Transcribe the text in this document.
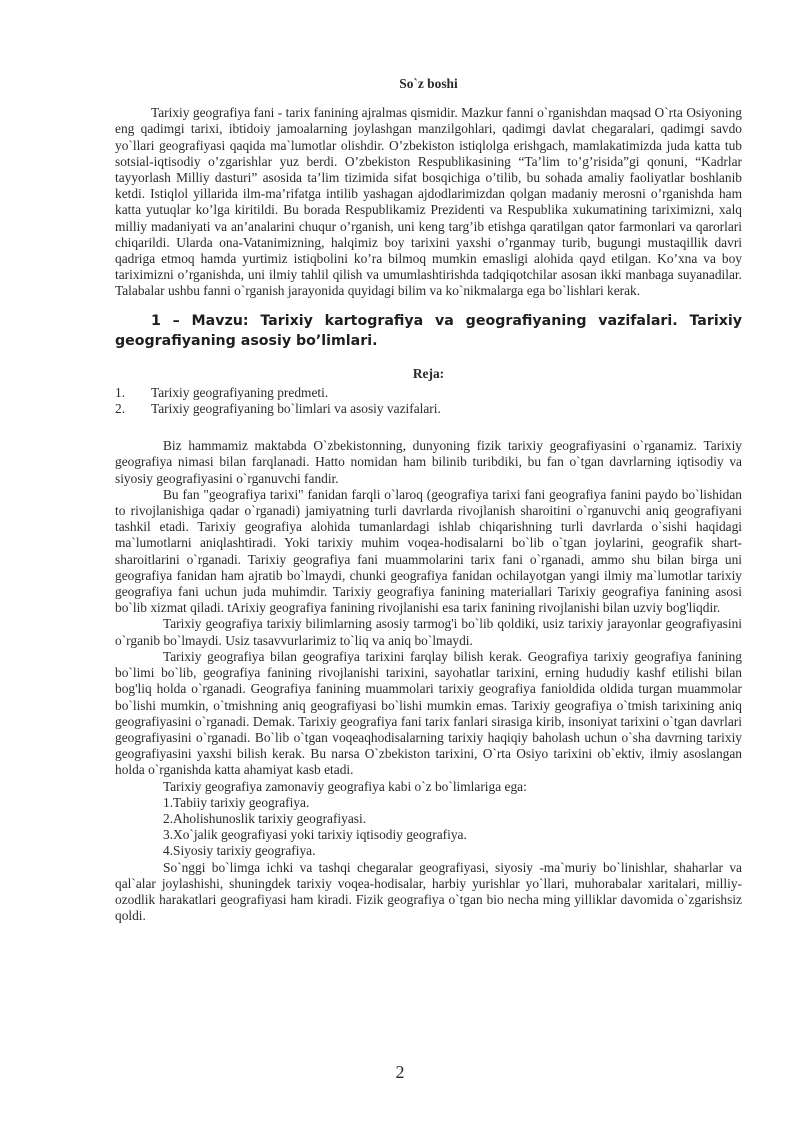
So`z boshi

Tarixiy geografiya fani - tarix fanining ajralmas qismidir. Mazkur fanni o`rganishdan maqsad O`rta Osiyoning eng qadimgi tarixi, ibtidoiy jamoalarning joylashgan manzilgohlari, qadimgi davlat chegaralari, qadimgi savdo yo`llari geografiyasi qaqida ma`lumotlar olishdir. O’zbekiston istiqlolga erishgach, mamlakatimizda juda katta tub sotsial-iqtisodiy o’zgarishlar yuz berdi. O’zbekiston Respublikasining “Ta’lim to’g’risida”gi qonuni, “Kadrlar tayyorlash Milliy dasturi” asosida ta’lim tizimida sifat bosqichiga o’tilib, bu sohada amaliy faoliyatlar boshlanib ketdi. Istiqlol yillarida ilm-ma’rifatga intilib yashagan ajdodlarimizdan qolgan madaniy merosni o’rganishda ham katta yutuqlar ko’lga kiritildi. Bu borada Respublikamiz Prezidenti va Respublika xukumatining tariximizni, xalq milliy madaniyati va an’analarini chuqur o’rganish, uni keng targ’ib etishga qaratilgan qator farmonlari va qarorlari chiqarildi. Ularda ona-Vatanimizning, halqimiz boy tarixini yaxshi o’rganmay turib, bugungi mustaqillik davri qadriga etmoq hamda yurtimiz istiqbolini ko’ra bilmoq mumkin emasligi alohida qayd etilgan. Ko’xna va boy tariximizni o’rganishda, uni ilmiy tahlil qilish va umumlashtirishda tadqiqotchilar asosan ikki manbaga suyanadilar. Talabalar ushbu fanni o`rganish jarayonida quyidagi bilim va ko`nikmalarga ega bo`lishlari kerak.

1 – Mavzu: Tarixiy kartografiya va geografiyaning vazifalari. Tarixiy geografiyaning asosiy bo’limlari.
Reja:
1.	Tarixiy geografiyaning predmeti.
2.	Tarixiy geografiyaning bo`limlari va asosiy vazifalari.

Biz hammamiz maktabda O`zbekistonning, dunyoning fizik tarixiy geografiyasini o`rganamiz. Tarixiy geografiya nimasi bilan farqlanadi. Hatto nomidan ham bilinib turibdiki, bu fan o`tgan davrlarning iqtisodiy va siyosiy geografiyasini o`rganuvchi fandir.

Bu fan "geografiya tarixi" fanidan farqli o`laroq (geografiya tarixi fani geografiya fanini paydo bo`lishidan to rivojlanishiga qadar o`rganadi) jamiyatning turli davrlarda rivojlanish sharoitini o`rganuvchi aniq geografiyani tashkil etadi. Tarixiy geografiya alohida tumanlardagi ishlab chiqarishning turli davrlarda o`sishi haqidagi ma`lumotlarni aniqlashtiradi. Yoki tarixiy muhim voqea-hodisalarni bo`lib o`tgan joylarini, geografik shart-sharoitlarini o`rganadi. Tarixiy geografiya fani muammolarini tarix fani o`rganadi, ammo shu bilan birga uni geografiya fanidan ham ajratib bo`lmaydi, chunki geografiya fanidan ochilayotgan yangi ilmiy ma`lumotlar tarixiy geografiya fani uchun juda muhimdir. Tarixiy geografiya fanining materiallari Tarixiy geografiya fanining asosi bo`lib xizmat qiladi. tArixiy geografiya fanining rivojlanishi esa tarix fanining rivojlanishi bilan uzviy bog'liqdir.

Tarixiy geografiya tarixiy bilimlarning asosiy tarmog'i bo`lib qoldiki, usiz tarixiy jarayonlar geografiyasini o`rganib bo`lmaydi. Usiz tasavvurlarimiz to`liq va aniq bo`lmaydi.

Tarixiy geografiya bilan geografiya tarixini farqlay bilish kerak. Geografiya tarixiy geografiya fanining bo`limi bo`lib, geografiya fanining rivojlanishi tarixini, sayohatlar tarixini, erning hududiy kashf etilishi bilan bog'liq holda o`rganadi. Geografiya fanining muammolari tarixiy geografiya fanioldida oldida turgan muammolar bo`lishi mumkin, o`tmishning aniq geografiyasi bo`lishi mumkin emas. Tarixiy geografiya o`tmish tarixining aniq geografiyasini o`rganadi. Demak. Tarixiy geografiya fani tarix fanlari sirasiga kirib, insoniyat tarixini o`tgan davrlari geografiyasini o`rganadi. Bo`lib o`tgan voqeaqhodisalarning tarixiy haqiqiy baholash uchun o`sha davrning tarixiy geografiyasini yaxshi bilish kerak. Bu narsa O`zbekiston tarixini, O`rta Osiyo tarixini ob`ektiv, ilmiy asoslangan holda o`rganishda katta ahamiyat kasb etadi.

Tarixiy geografiya zamonaviy geografiya kabi o`z bo`limlariga ega:

1.Tabiiy tarixiy geografiya.

2.Aholishunoslik tarixiy geografiyasi.

3.Xo`jalik geografiyasi yoki tarixiy iqtisodiy geografiya.

4.Siyosiy tarixiy geografiya.

So`nggi bo`limga ichki va tashqi chegaralar geografiyasi, siyosiy -ma`muriy bo`linishlar, shaharlar va qal`alar joylashishi, shuningdek tarixiy voqea-hodisalar, harbiy yurishlar yo`llari, muhorabalar xaritalari, milliy-ozodlik harakatlari geografiyasi ham kiradi. Fizik geografiya o`tgan bio necha ming yilliklar davomida o`zgarishsiz qoldi.

2
